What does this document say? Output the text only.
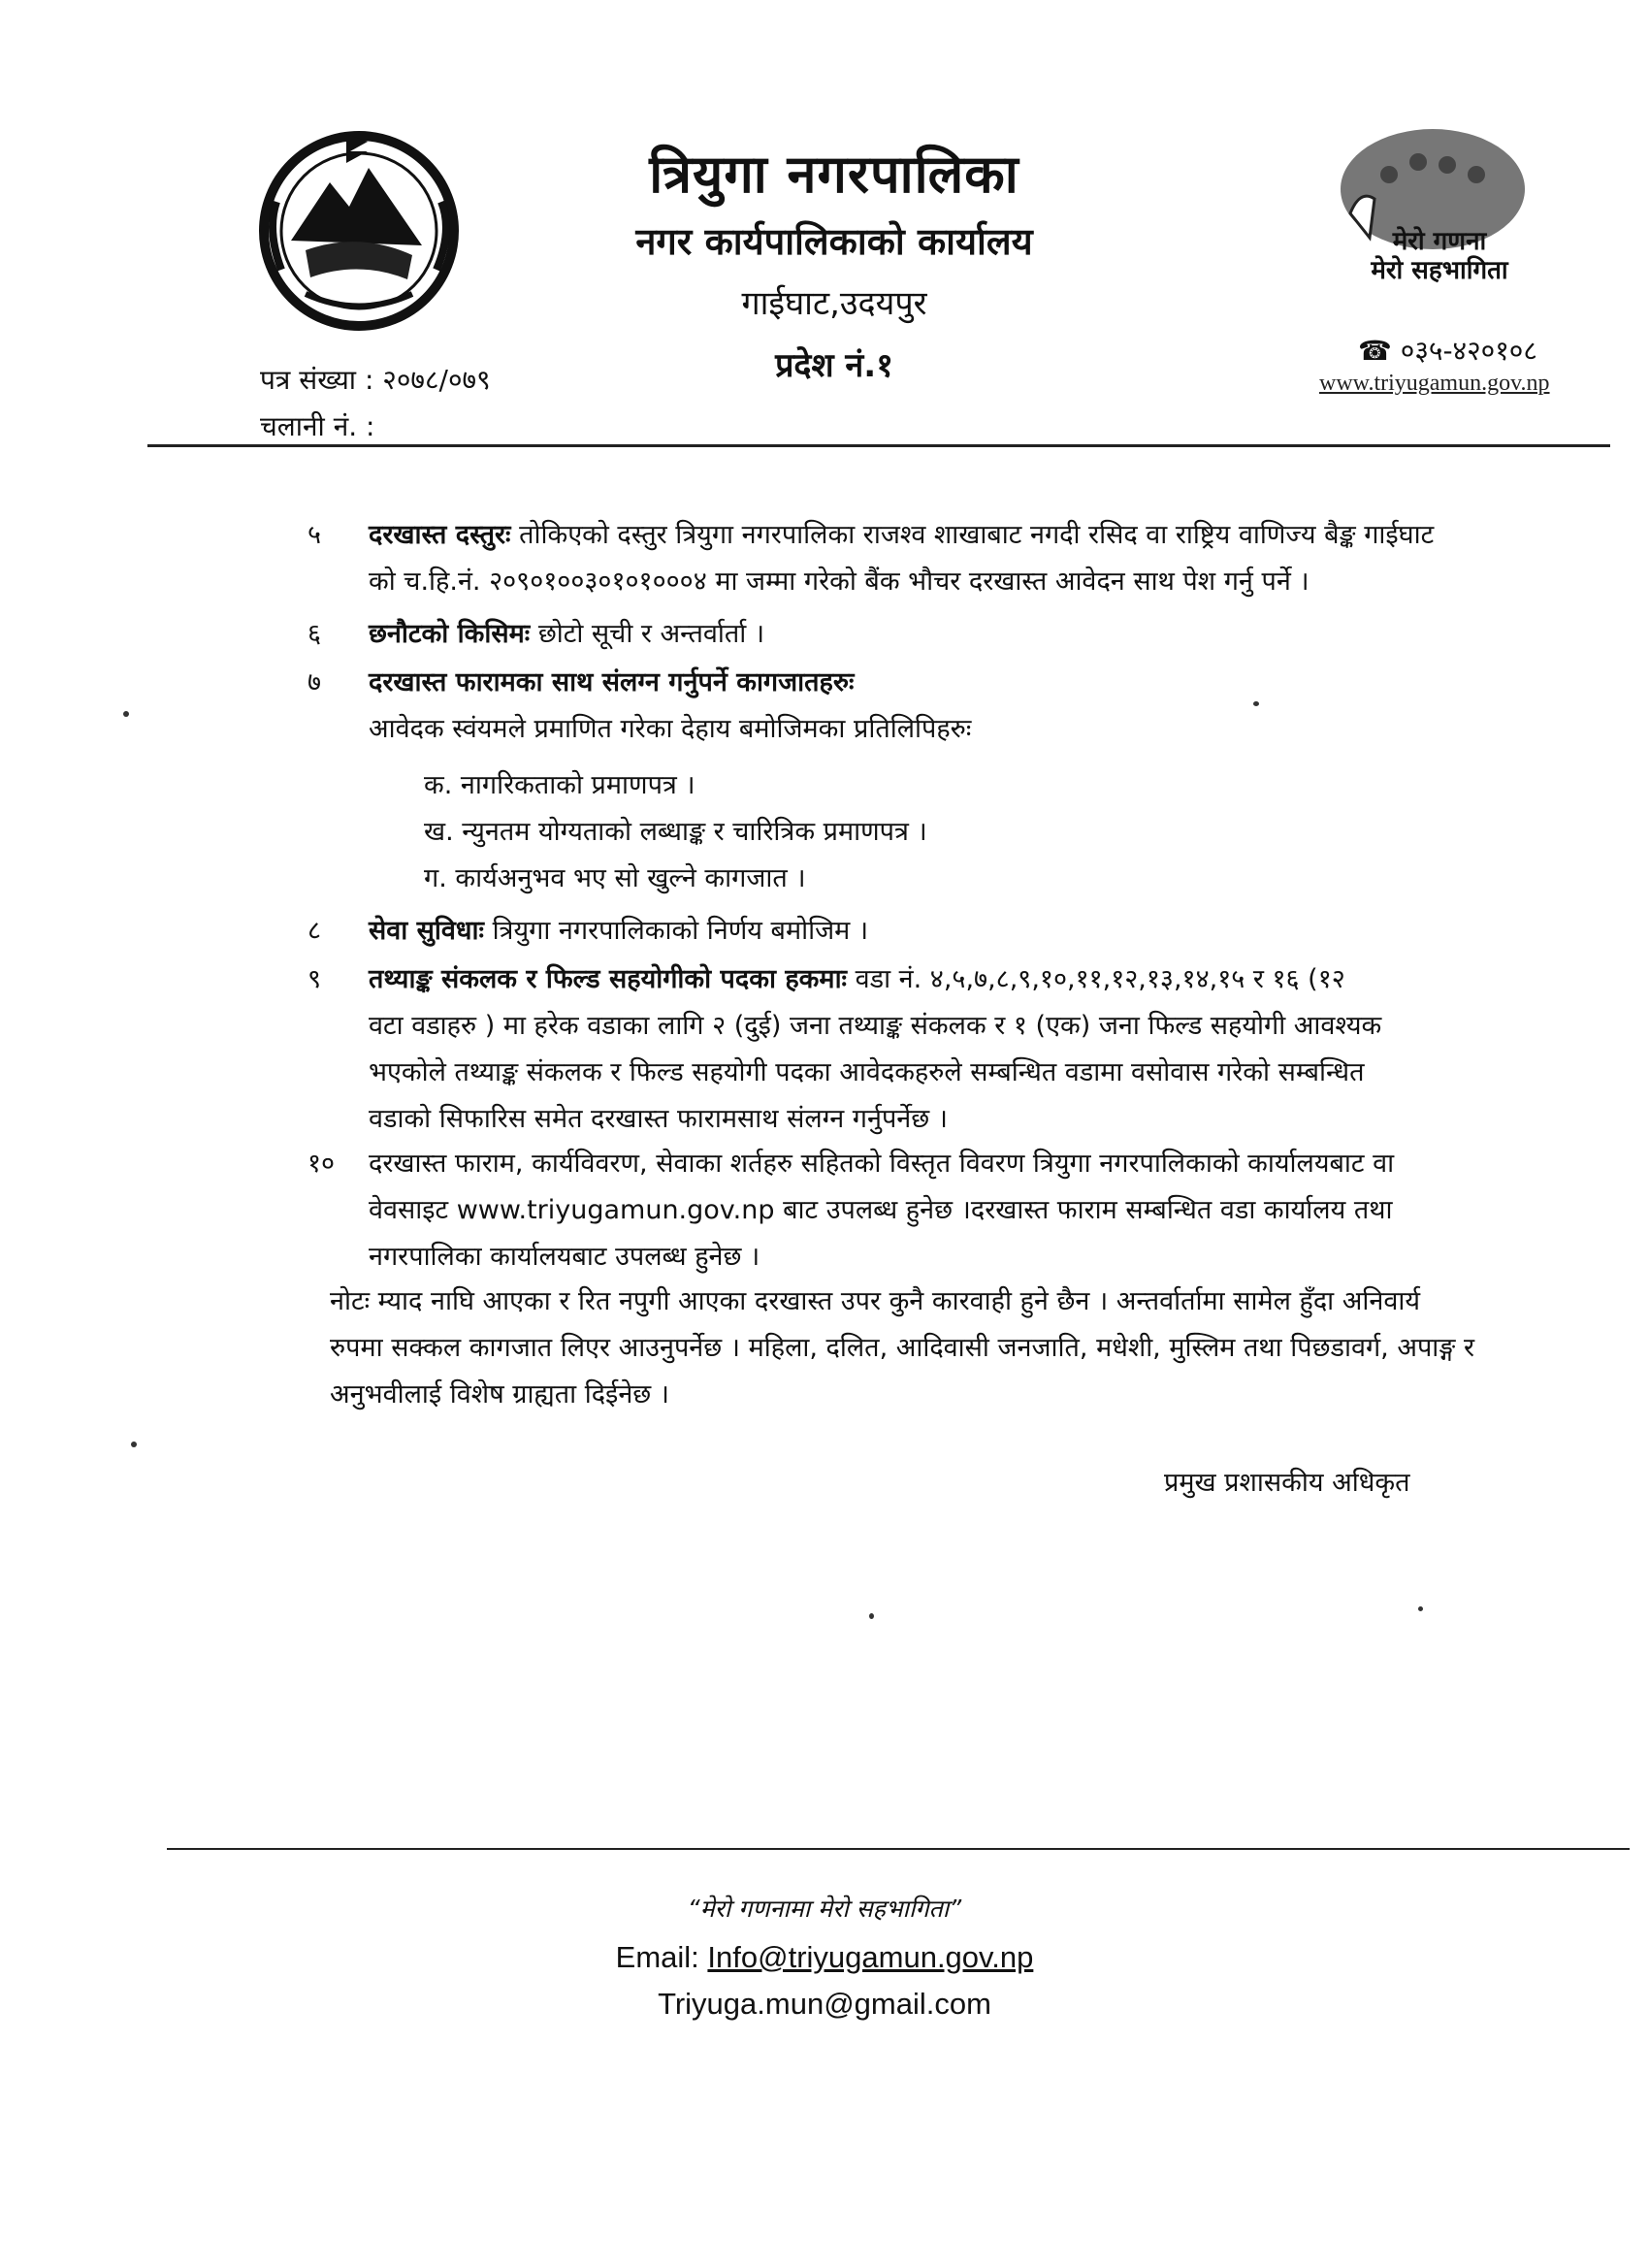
त्रियुगा नगरपालिका
नगर कार्यपालिकाको कार्यालय
गाईघाट,उदयपुर
प्रदेश नं.१
मेरो गणना
मेरो सहभागिता
☎ ०३५-४२०१०८
www.triyugamun.gov.np
पत्र संख्या : २०७८/०७९
चलानी नं. :
५ दरखास्त दस्तुरः तोकिएको दस्तुर त्रियुगा नगरपालिका राजश्व शाखाबाट नगदी रसिद वा राष्ट्रिय वाणिज्य बैङ्क गाईघाट
को च.हि.नं. २०९०१००३०१०१०००४ मा जम्मा गरेको बैंक भौचर दरखास्त आवेदन साथ पेश गर्नु पर्ने ।
६ छनौटको किसिमः छोटो सूची र अन्तर्वार्ता ।
७ दरखास्त फारामका साथ संलग्न गर्नुपर्ने कागजातहरुः
आवेदक स्वंयमले प्रमाणित गरेका देहाय बमोजिमका प्रतिलिपिहरुः
क. नागरिकताको प्रमाणपत्र ।
ख. न्युनतम योग्यताको लब्धाङ्क र चारित्रिक प्रमाणपत्र ।
ग. कार्यअनुभव भए सो खुल्ने कागजात ।
८ सेवा सुविधाः त्रियुगा नगरपालिकाको निर्णय बमोजिम ।
९ तथ्याङ्क संकलक र फिल्ड सहयोगीको पदका हकमाः वडा नं. ४,५,७,८,९,१०,११,१२,१३,१४,१५ र १६ (१२
वटा वडाहरु ) मा हरेक वडाका लागि २ (दुई) जना तथ्याङ्क संकलक र १ (एक) जना फिल्ड सहयोगी आवश्यक
भएकोले तथ्याङ्क संकलक र फिल्ड सहयोगी पदका आवेदकहरुले सम्बन्धित वडामा वसोवास गरेको सम्बन्धित
वडाको सिफारिस समेत दरखास्त फारामसाथ संलग्न गर्नुपर्नेछ ।
१० दरखास्त फाराम, कार्यविवरण, सेवाका शर्तहरु सहितको विस्तृत विवरण त्रियुगा नगरपालिकाको कार्यालयबाट वा
वेवसाइट www.triyugamun.gov.np बाट उपलब्ध हुनेछ ।दरखास्त फाराम सम्बन्धित वडा कार्यालय तथा
नगरपालिका कार्यालयबाट उपलब्ध हुनेछ ।
नोटः म्याद नाघि आएका र रित नपुगी आएका दरखास्त उपर कुनै कारवाही हुने छैन । अन्तर्वार्तामा सामेल हुँदा अनिवार्य
रुपमा सक्कल कागजात लिएर आउनुपर्नेछ । महिला, दलित, आदिवासी जनजाति, मधेशी, मुस्लिम तथा पिछडावर्ग, अपाङ्ग र
अनुभवीलाई विशेष ग्राह्यता दिईनेछ ।
प्रमुख प्रशासकीय अधिकृत
“मेरो गणनामा मेरो सहभागिता”
Email: Info@triyugamun.gov.np
Triyuga.mun@gmail.com
